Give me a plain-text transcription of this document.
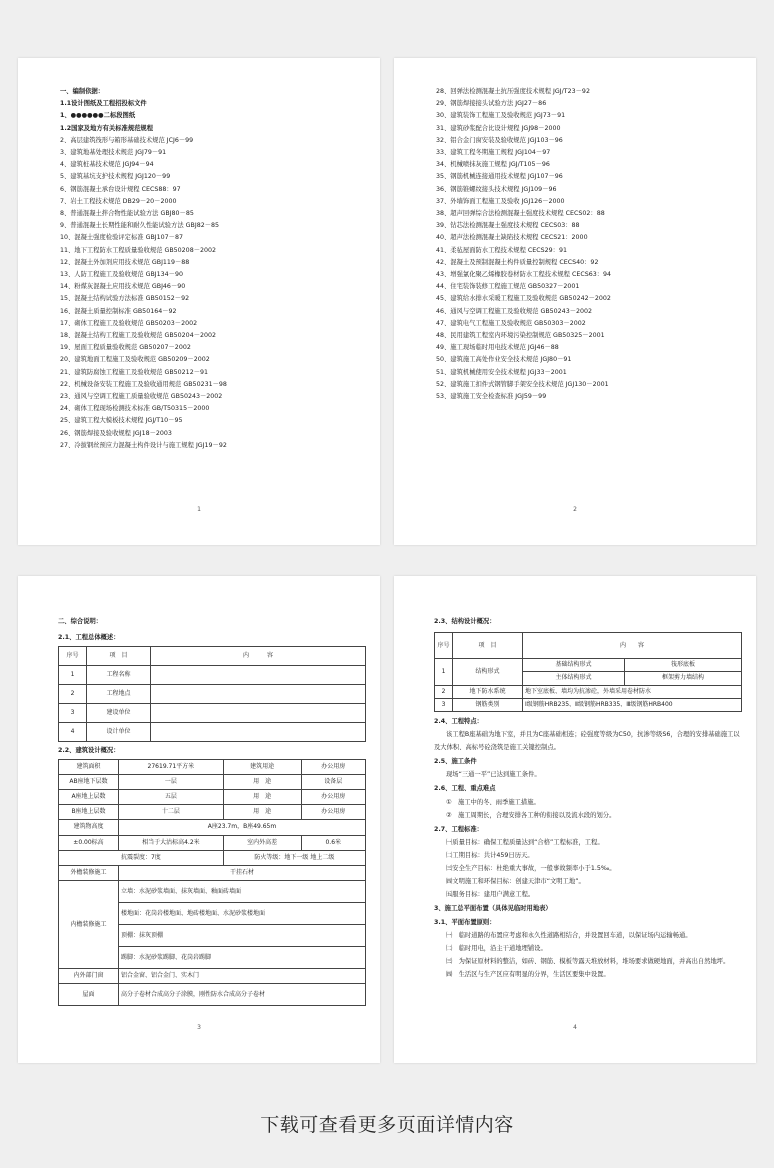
一、编制依据：
1.1设计图纸及工程招投标文件
1、●●●●●●二标段图纸
1.2国家及地方有关标准规范规程
2、高层建筑筏形与箱形基础技术规范 JCJ6－99
3、建筑地基处理技术规范 JGJ79－91
4、建筑桩基技术规范 JGJ94－94
5、建筑基坑支护技术规程 JGJ120－99
6、钢筋混凝土承台设计规程 CECS88：97
7、岩土工程技术规范 DB29－20－2000
8、普通混凝土拌合物性能试验方法 GBJ80－85
9、普通混凝土长期性能和耐久性能试验方法 GBJ82－85
10、混凝土强度检验评定标准 GBJ107－87
11、地下工程防水工程质量验收规范 GB50208－2002
12、混凝土外加剂应用技术规范 GBJ119－88
13、人防工程施工及验收规范 GBJ134－90
14、粉煤灰混凝土应用技术规范 GBJ46－90
15、混凝土结构试验方法标准 GB50152－92
16、混凝土质量控制标准 GB50164－92
17、砌体工程施工及验收规范 GB50203－2002
18、混凝土结构工程施工及验收规范 GB50204－2002
19、屋面工程质量验收规范 GB50207－2002
20、建筑地面工程施工及验收规范 GB50209－2002
21、建筑防腐蚀工程施工及验收规范 GB50212－91
22、机械设备安装工程施工及验收通用规范 GB50231－98
23、通风与空调工程施工质量验收规范 GB50243－2002
24、砌体工程现场检测技术标准 GB/T50315－2000
25、建筑工程大模板技术规程 JGJ/T10－95
26、钢筋焊接及验收规程 JGJ18－2003
27、冷拔钢丝预应力混凝土构件设计与施工规程 JGJ19－92
1
28、回弹法检测混凝土抗压强度技术规程 JGJ/T23－92
29、钢筋焊接接头试验方法 JGJ27－86
30、建筑装饰工程施工及验收规范 JGJ73－91
31、建筑砂浆配合比设计规程 JGJ98－2000
32、铝合金门窗安装及验收规范 JGJ103－96
33、建筑工程冬期施工规程 JGJ104－97
34、机械喷抹灰施工规程 JGJ/T105－96
35、钢筋机械连接通用技术规程 JGJ107－96
36、钢筋锥螺纹接头技术规程 JGJ109－96
37、外墙饰面工程施工及验收 JGJ126－2000
38、超声回弹综合法检测混凝土强度技术规程 CECS02：88
39、钻芯法检测混凝土强度技术规程 CECS03：88
40、超声法检测混凝土缺陷技术规程 CECS21：2000
41、柔毡屋面防水工程技术规程 CECS29：91
42、混凝土及预制混凝土构件质量控制规程 CECS40：92
43、增强氯化聚乙烯橡胶卷材防水工程技术规程 CECS63：94
44、住宅装饰装修工程施工规范 GB50327－2001
45、建筑给水排水采暖工程施工及验收规范 GB50242－2002
46、通风与空调工程施工及验收规范 GB50243－2002
47、建筑电气工程施工及验收规范 GB50303－2002
48、民用建筑工程室内环境污染控制规范 GB50325－2001
49、施工现场临时用电技术规范 JGJ46－88
50、建筑施工高处作业安全技术规范 JGJ80－91
51、建筑机械使用安全技术规程 JGJ33－2001
52、建筑施工扣件式钢管脚手架安全技术规范 JGJ130－2001
53、建筑施工安全检查标准 JGJ59－99
2
二、综合说明：
2.1、工程总体概述：
序号	项　目	内　　　容
1	工程名称	
2	工程地点	
3	建设单位	
4	设计单位	
2.2、建筑设计概况：
建筑面积	27619.71平方米	建筑用途	办公用房
AB座地下层数	一层	用　途	设备层
A座地上层数	五层	用　途	办公用房
B座地上层数	十二层	用　途	办公用房
建筑物高度	A座23.7m，B座49.65m		
±0.00标高	相当于大沽标高4.2米	室内外高差	0.6米
抗震裂度：7度		防火等级：地下一级 地上二级	
外檐装修施工	干挂石材		
内檐装修施工	立墙：水泥砂浆墙面、抹灰墙面、釉面砖墙面		
	楼地面：花岗岩楼地面、地砖楼地面、水泥砂浆楼地面		
	顶棚：抹灰顶棚		
	踢脚：水泥砂浆踢脚、花岗岩踢脚		
内外部门窗	铝合金窗、铝合金门、实木门		
屋面	高分子卷材合成高分子涂膜，刚性防水合成高分子卷材		
3
2.3、结构设计概况：
序号	项　目	内　　容	
1	结构形式	基础结构形式	筏形底板
		主体结构形式	框架剪力墙结构
2	地下防水系统	地下室底板、墙均为抗渗砼，外墙采用卷材防水	
3	钢筋类别	Ⅰ级钢筋HRB235、Ⅱ级钢筋HRB335、Ⅲ级钢筋HRB400	
2.4、工程特点：
该工程B座基础为地下室，并且为C座基础相连；砼强度等级为C50，抗渗等级S6，合理的安排基础施工以及大体积、高标号砼浇筑是施工关键控制点。
2.5、施工条件
现场“三通一平”已达到施工条件。
2.6、工程、重点难点
①　施工中的冬、雨季施工措施。
②　施工周期长，合理安排各工种的衔接以及流水段的划分。
2.7、工程标准：
㈠质量目标：确保工程质量达到“合格”工程标准，工程。
㈡工期目标：共计459日历天。
㈢安全生产目标：杜绝重大事故，一般事故频率小于1.5‰。
㈣文明施工和环保目标：创建天津市“文明工地”。
㈤服务目标：建用户满意工程。
3、施工总平面布置（具体见临时用地表）
3.1、平面布置原则：
㈠　临时道路的布置应考虑和永久性道路相结合，并设置回车道，以保证场内运输畅通。
㈡　临时用电，沿主干道地埋铺设。
㈢　为保证原材料的整洁，如砖、钢筋、模板等露天堆放材料，堆场要求做硬地面，并高出自然地坪。
㈣　生活区与生产区应有明显的分界，生活区要集中设置。
4
下载可查看更多页面详情内容
